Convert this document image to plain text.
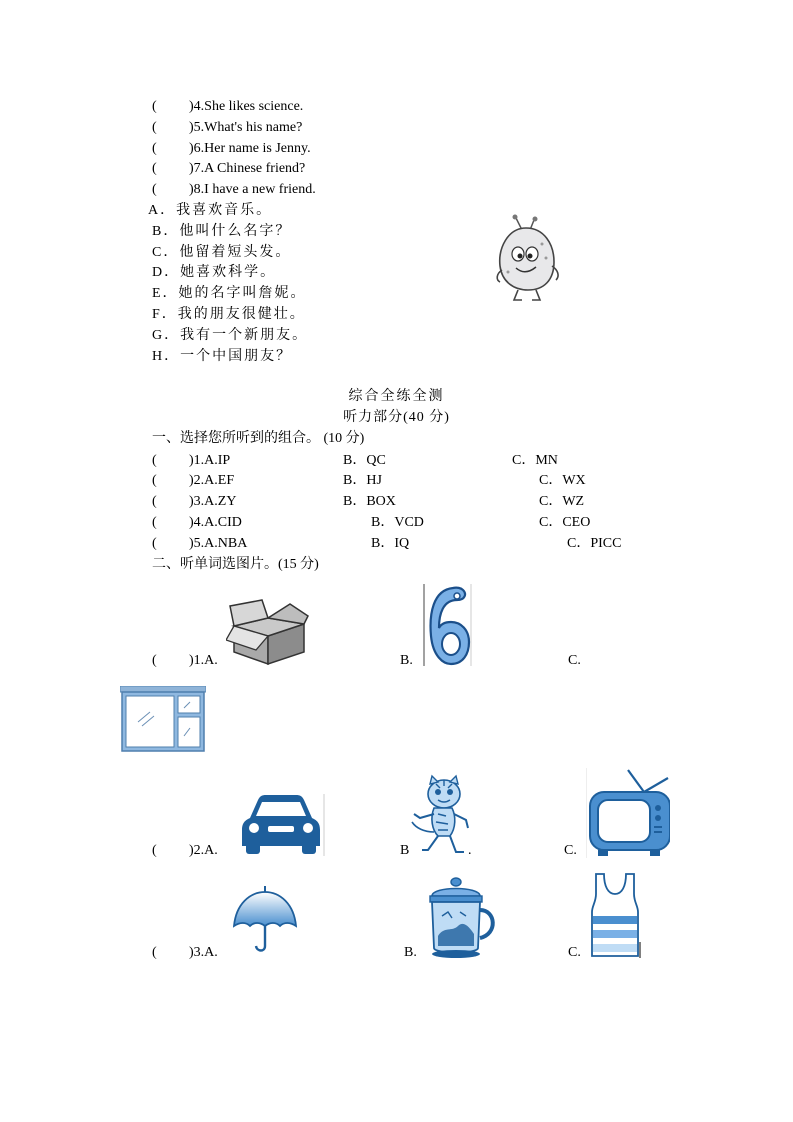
( )4.She likes science.
( )5.What's his name?
( )6.Her name is Jenny.
( )7.A Chinese friend?
( )8.I have a new friend.
A．我喜欢音乐。
B．他叫什么名字？
C．他留着短头发。
D．她喜欢科学。
E．她的名字叫詹妮。
F．我的朋友很健壮。
G．我有一个新朋友。
H．一个中国朋友？
综合全练全测
听力部分(40 分)
一、选择您所听到的组合。 (10 分)
( )1.A.IP	B．QC	C．MN
( )2.A.EF	B．HJ	C．WX
( )3.A.ZY	B．BOX	C．WZ
( )4.A.CID	B．VCD	C．CEO
( )5.A.NBA	B．IQ	C．PICC
二、听单词选图片。(15 分)
( )1.A.	B.	C.
( )2.A.	B	.	C.
( )3.A.	B.	C.
